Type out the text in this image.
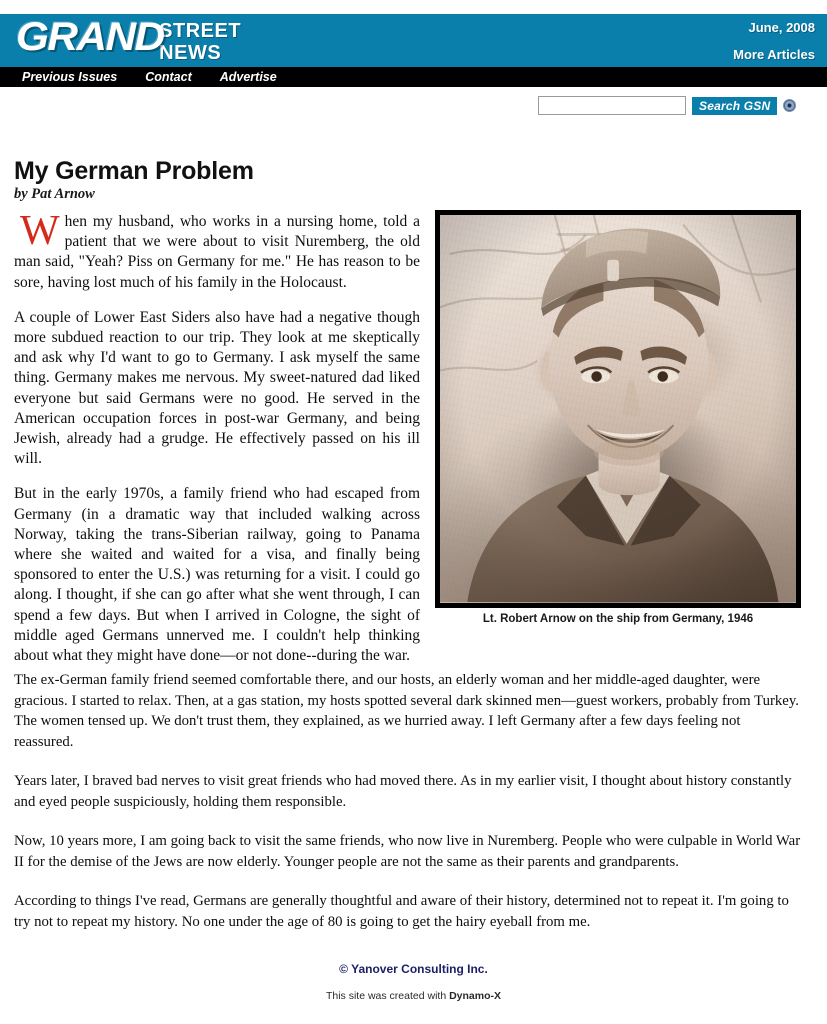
GRAND
STREET
NEWS
June, 2008
More Articles
Previous Issues Contact Advertise
Search GSN
My German Problem
by Pat Arnow
Lt. Robert Arnow on the ship from Germany, 1946

When my husband, who works in a nursing home, told a patient that we were about to visit Nuremberg, the old man said, "Yeah? Piss on Germany for me." He has reason to be sore, having lost much of his family in the Holocaust.

A couple of Lower East Siders also have had a negative though more subdued reaction to our trip. They look at me skeptically and ask why I'd want to go to Germany. I ask myself the same thing. Germany makes me nervous. My sweet-natured dad liked everyone but said Germans were no good. He served in the American occupation forces in post-war Germany, and being Jewish, already had a grudge. He effectively passed on his ill will.

But in the early 1970s, a family friend who had escaped from Germany (in a dramatic way that included walking across Norway, taking the trans-Siberian railway, going to Panama where she waited and waited for a visa, and finally being sponsored to enter the U.S.) was returning for a visit. I could go along. I thought, if she can go after what she went through, I can spend a few days. But when I arrived in Cologne, the sight of middle aged Germans unnerved me. I couldn't help thinking about what they might have done—or not done--during the war.

The ex-German family friend seemed comfortable there, and our hosts, an elderly woman and her middle-aged daughter, were gracious. I started to relax. Then, at a gas station, my hosts spotted several dark skinned men—guest workers, probably from Turkey. The women tensed up. We don't trust them, they explained, as we hurried away. I left Germany after a few days feeling not reassured.

Years later, I braved bad nerves to visit great friends who had moved there. As in my earlier visit, I thought about history constantly and eyed people suspiciously, holding them responsible.

Now, 10 years more, I am going back to visit the same friends, who now live in Nuremberg. People who were culpable in World War II for the demise of the Jews are now elderly. Younger people are not the same as their parents and grandparents.

According to things I've read, Germans are generally thoughtful and aware of their history, determined not to repeat it. I'm going to try not to repeat my history. No one under the age of 80 is going to get the hairy eyeball from me.

© Yanover Consulting Inc.
This site was created with Dynamo-X
